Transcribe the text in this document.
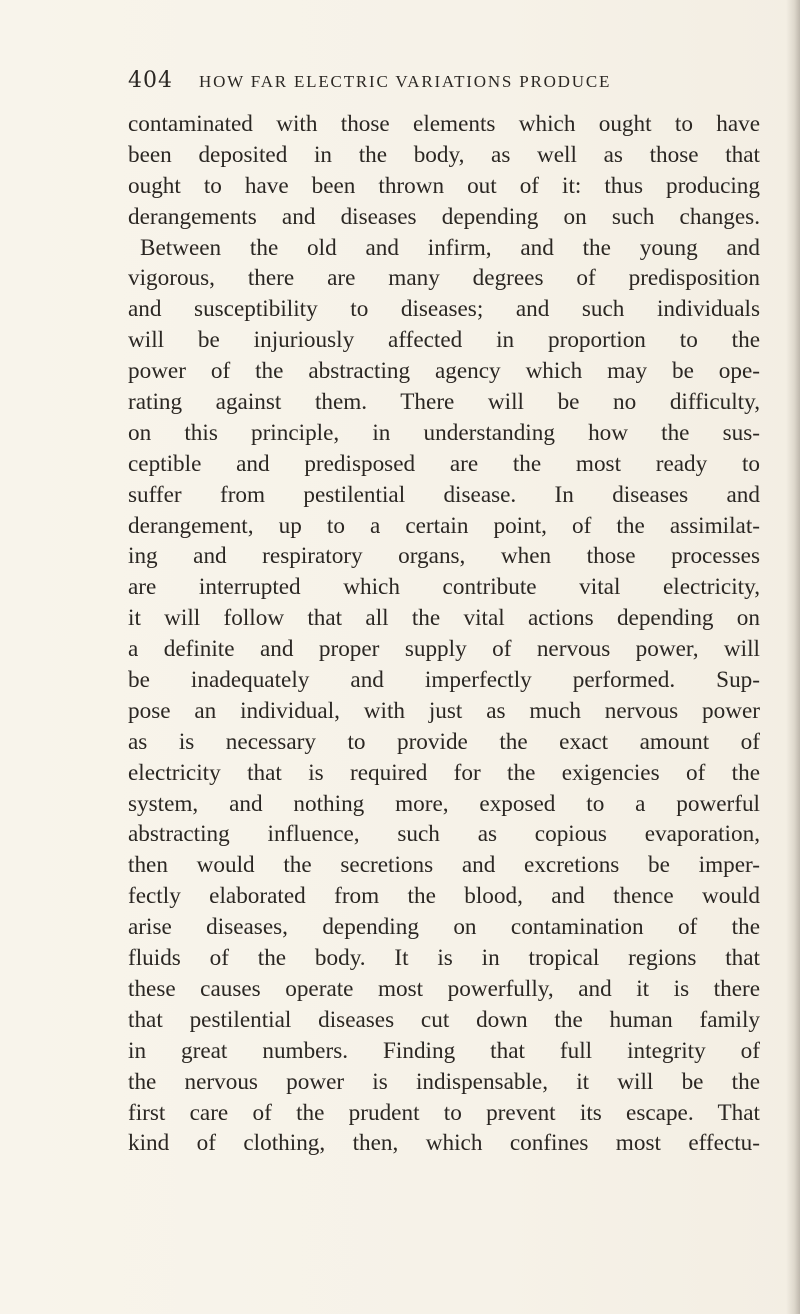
404 HOW FAR ELECTRIC VARIATIONS PRODUCE
contaminated with those elements which ought to have
been deposited in the body, as well as those that
ought to have been thrown out of it: thus producing
derangements and diseases depending on such changes.
Between the old and infirm, and the young and
vigorous, there are many degrees of predisposition
and susceptibility to diseases; and such individuals
will be injuriously affected in proportion to the
power of the abstracting agency which may be ope-
rating against them. There will be no difficulty,
on this principle, in understanding how the sus-
ceptible and predisposed are the most ready to
suffer from pestilential disease. In diseases and
derangement, up to a certain point, of the assimilat-
ing and respiratory organs, when those processes
are interrupted which contribute vital electricity,
it will follow that all the vital actions depending on
a definite and proper supply of nervous power, will
be inadequately and imperfectly performed. Sup-
pose an individual, with just as much nervous power
as is necessary to provide the exact amount of
electricity that is required for the exigencies of the
system, and nothing more, exposed to a powerful
abstracting influence, such as copious evaporation,
then would the secretions and excretions be imper-
fectly elaborated from the blood, and thence would
arise diseases, depending on contamination of the
fluids of the body. It is in tropical regions that
these causes operate most powerfully, and it is there
that pestilential diseases cut down the human family
in great numbers. Finding that full integrity of
the nervous power is indispensable, it will be the
first care of the prudent to prevent its escape. That
kind of clothing, then, which confines most effectu-
